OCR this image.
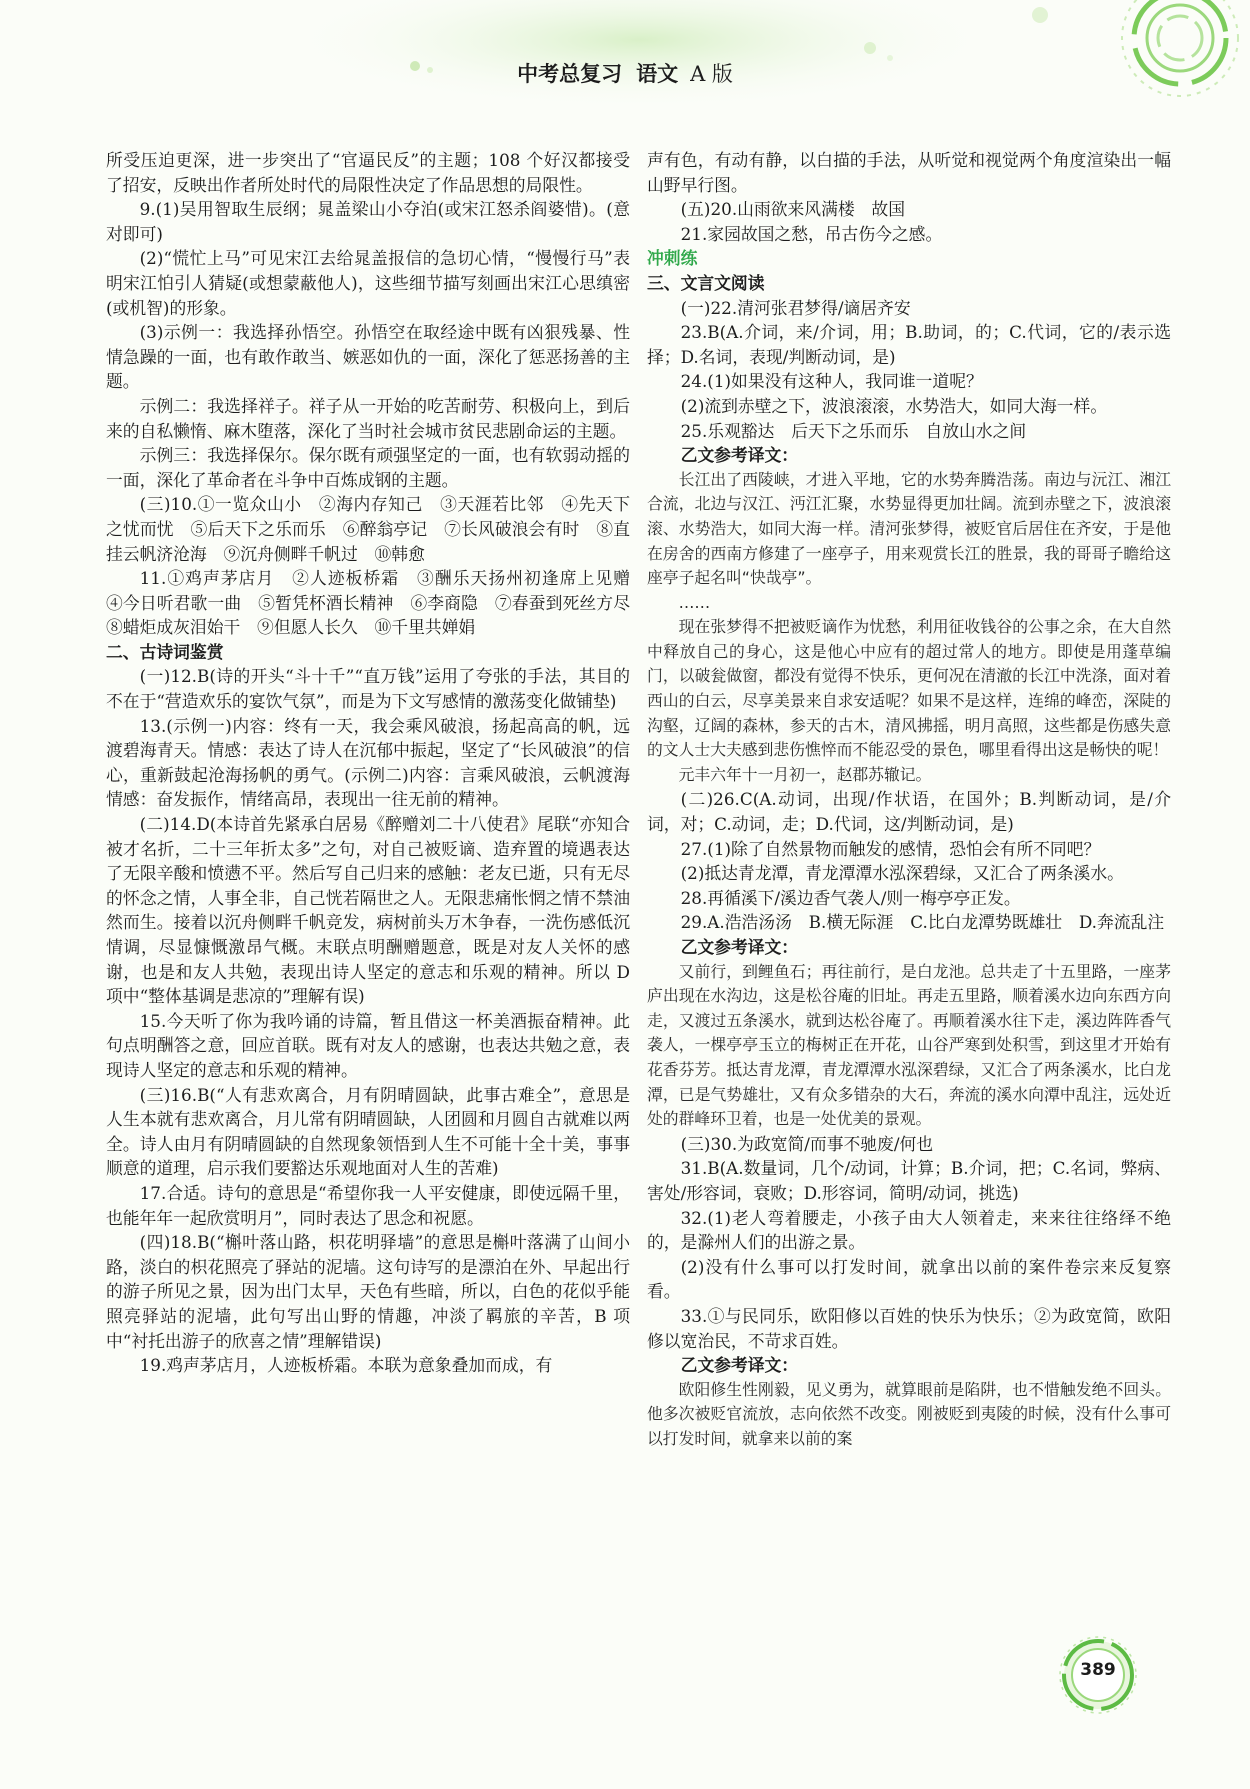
中考总复习 语文 A 版

所受压迫更深，进一步突出了“官逼民反”的主题；108 个好汉都接受了招安，反映出作者所处时代的局限性决定了作品思想的局限性。

9.(1)吴用智取生辰纲；晁盖梁山小夺泊(或宋江怒杀阎婆惜)。(意对即可)

(2)“慌忙上马”可见宋江去给晁盖报信的急切心情，“慢慢行马”表明宋江怕引人猜疑(或想蒙蔽他人)，这些细节描写刻画出宋江心思缜密(或机智)的形象。

(3)示例一：我选择孙悟空。孙悟空在取经途中既有凶狠残暴、性情急躁的一面，也有敢作敢当、嫉恶如仇的一面，深化了惩恶扬善的主题。

示例二：我选择祥子。祥子从一开始的吃苦耐劳、积极向上，到后来的自私懒惰、麻木堕落，深化了当时社会城市贫民悲剧命运的主题。

示例三：我选择保尔。保尔既有顽强坚定的一面，也有软弱动摇的一面，深化了革命者在斗争中百炼成钢的主题。

(三)10.①一览众山小　②海内存知己　③天涯若比邻　④先天下之忧而忧　⑤后天下之乐而乐　⑥醉翁亭记　⑦长风破浪会有时　⑧直挂云帆济沧海　⑨沉舟侧畔千帆过　⑩韩愈

11.①鸡声茅店月　②人迹板桥霜　③酬乐天扬州初逢席上见赠　④今日听君歌一曲　⑤暂凭杯酒长精神　⑥李商隐　⑦春蚕到死丝方尽　⑧蜡炬成灰泪始干　⑨但愿人长久　⑩千里共婵娟

二、古诗词鉴赏

(一)12.B(诗的开头“斗十千”“直万钱”运用了夸张的手法，其目的不在于“营造欢乐的宴饮气氛”，而是为下文写感情的激荡变化做铺垫)

13.(示例一)内容：终有一天，我会乘风破浪，扬起高高的帆，远渡碧海青天。情感：表达了诗人在沉郁中振起，坚定了“长风破浪”的信心，重新鼓起沧海扬帆的勇气。(示例二)内容：言乘风破浪，云帆渡海情感：奋发振作，情绪高昂，表现出一往无前的精神。

(二)14.D(本诗首先紧承白居易《醉赠刘二十八使君》尾联“亦知合被才名折，二十三年折太多”之句，对自己被贬谪、造弃置的境遇表达了无限辛酸和愤懑不平。然后写自己归来的感触：老友已逝，只有无尽的怀念之情，人事全非，自己恍若隔世之人。无限悲痛怅惘之情不禁油然而生。接着以沉舟侧畔千帆竞发，病树前头万木争春，一洗伤感低沉情调，尽显慷慨激昂气概。末联点明酬赠题意，既是对友人关怀的感谢，也是和友人共勉，表现出诗人坚定的意志和乐观的精神。所以 D 项中“整体基调是悲凉的”理解有误)

15.今天听了你为我吟诵的诗篇，暂且借这一杯美酒振奋精神。此句点明酬答之意，回应首联。既有对友人的感谢，也表达共勉之意，表现诗人坚定的意志和乐观的精神。

(三)16.B(“人有悲欢离合，月有阴晴圆缺，此事古难全”，意思是人生本就有悲欢离合，月儿常有阴晴圆缺，人团圆和月圆自古就难以两全。诗人由月有阴晴圆缺的自然现象领悟到人生不可能十全十美，事事顺意的道理，启示我们要豁达乐观地面对人生的苦难)

17.合适。诗句的意思是“希望你我一人平安健康，即使远隔千里，也能年年一起欣赏明月”，同时表达了思念和祝愿。

(四)18.B(“槲叶落山路，枳花明驿墙”的意思是槲叶落满了山间小路，淡白的枳花照亮了驿站的泥墙。这句诗写的是漂泊在外、早起出行的游子所见之景，因为出门太早，天色有些暗，所以，白色的花似乎能照亮驿站的泥墙，此句写出山野的情趣，冲淡了羁旅的辛苦，B 项中“衬托出游子的欣喜之情”理解错误)

19.鸡声茅店月，人迹板桥霜。本联为意象叠加而成，有

声有色，有动有静，以白描的手法，从听觉和视觉两个角度渲染出一幅山野早行图。

(五)20.山雨欲来风满楼　故国

21.家园故国之愁，吊古伤今之感。

冲刺练

三、文言文阅读

(一)22.清河张君梦得/谪居齐安

23.B(A.介词，来/介词，用；B.助词，的；C.代词，它的/表示选择；D.名词，表现/判断动词，是)

24.(1)如果没有这种人，我同谁一道呢？

(2)流到赤壁之下，波浪滚滚，水势浩大，如同大海一样。

25.乐观豁达　后天下之乐而乐　自放山水之间

乙文参考译文：

长江出了西陵峡，才进入平地，它的水势奔腾浩荡。南边与沅江、湘江合流，北边与汉江、沔江汇聚，水势显得更加壮阔。流到赤壁之下，波浪滚滚、水势浩大，如同大海一样。清河张梦得，被贬官后居住在齐安，于是他在房舍的西南方修建了一座亭子，用来观赏长江的胜景，我的哥哥子瞻给这座亭子起名叫“快哉亭”。

……

现在张梦得不把被贬谪作为忧愁，利用征收钱谷的公事之余，在大自然中释放自己的身心，这是他心中应有的超过常人的地方。即使是用蓬草编门，以破瓮做窗，都没有觉得不快乐，更何况在清澈的长江中洗涤，面对着西山的白云，尽享美景来自求安适呢？如果不是这样，连绵的峰峦，深陡的沟壑，辽阔的森林，参天的古木，清风拂摇，明月高照，这些都是伤感失意的文人士大夫感到悲伤憔悴而不能忍受的景色，哪里看得出这是畅快的呢！

元丰六年十一月初一，赵郡苏辙记。

(二)26.C(A.动词，出现/作状语，在国外；B.判断动词，是/介词，对；C.动词，走；D.代词，这/判断动词，是)

27.(1)除了自然景物而触发的感情，恐怕会有所不同吧？

(2)抵达青龙潭，青龙潭潭水泓深碧绿，又汇合了两条溪水。

28.再循溪下/溪边香气袭人/则一梅亭亭正发。

29.A.浩浩汤汤　B.横无际涯　C.比白龙潭势既雄壮　D.奔流乱注

乙文参考译文：

又前行，到鲤鱼石；再往前行，是白龙池。总共走了十五里路，一座茅庐出现在水沟边，这是松谷庵的旧址。再走五里路，顺着溪水边向东西方向走，又渡过五条溪水，就到达松谷庵了。再顺着溪水往下走，溪边阵阵香气袭人，一棵亭亭玉立的梅树正在开花，山谷严寒到处积雪，到这里才开始有花香芬芳。抵达青龙潭，青龙潭潭水泓深碧绿，又汇合了两条溪水，比白龙潭，已是气势雄壮，又有众多错杂的大石，奔流的溪水向潭中乱注，远处近处的群峰环卫着，也是一处优美的景观。

(三)30.为政宽简/而事不驰废/何也

31.B(A.数量词，几个/动词，计算；B.介词，把；C.名词，弊病、害处/形容词，衰败；D.形容词，简明/动词，挑选)

32.(1)老人弯着腰走，小孩子由大人领着走，来来往往络绎不绝的，是滁州人们的出游之景。

(2)没有什么事可以打发时间，就拿出以前的案件卷宗来反复察看。

33.①与民同乐，欧阳修以百姓的快乐为快乐；②为政宽简，欧阳修以宽治民，不苛求百姓。

乙文参考译文：

欧阳修生性刚毅，见义勇为，就算眼前是陷阱，也不惜触发绝不回头。他多次被贬官流放，志向依然不改变。刚被贬到夷陵的时候，没有什么事可以打发时间，就拿来以前的案

389
